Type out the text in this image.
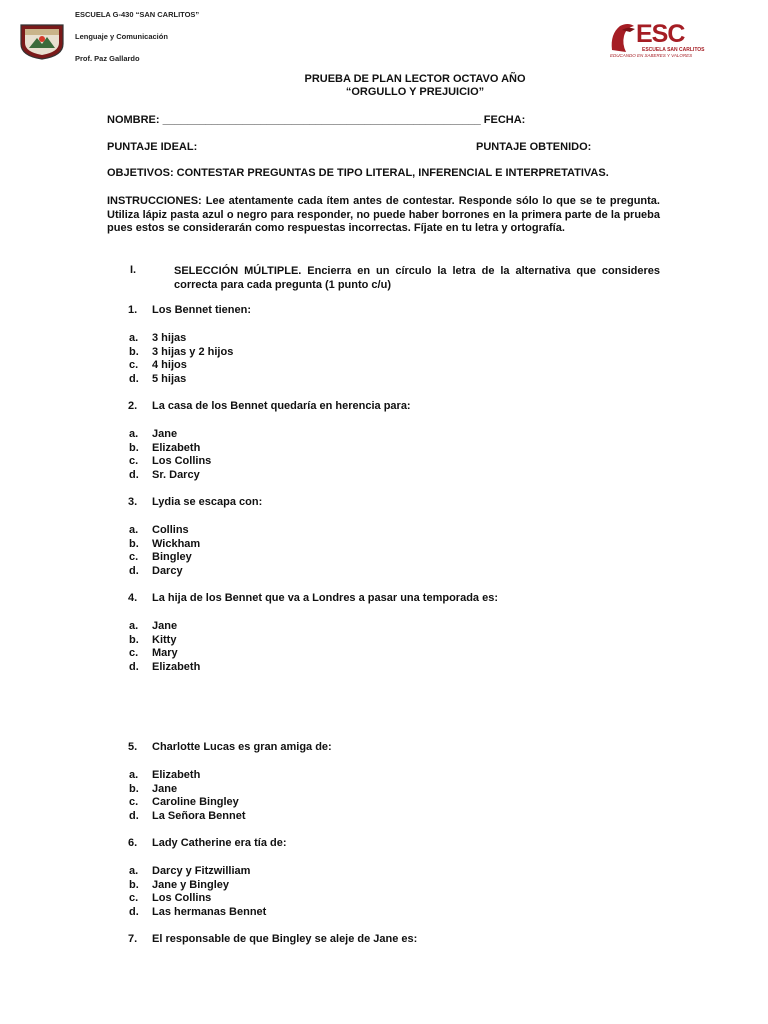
ESCUELA G-430 “SAN CARLITOS”
Lenguaje y Comunicación
Prof. Paz Gallardo
ESC
ESCUELA SAN CARLITOS
EDUCANDO EN SABERES Y VALORES
PRUEBA DE PLAN LECTOR OCTAVO AÑO
“ORGULLO Y PREJUICIO”
NOMBRE: ____________________________________________________ FECHA:
PUNTAJE IDEAL:	PUNTAJE OBTENIDO:
OBJETIVOS: CONTESTAR PREGUNTAS DE TIPO LITERAL, INFERENCIAL E INTERPRETATIVAS.
INSTRUCCIONES: Lee atentamente cada ítem antes de contestar. Responde sólo lo que se te pregunta. Utiliza lápiz pasta azul o negro para responder, no puede haber borrones en la primera parte de la prueba pues estos se considerarán como respuestas incorrectas. Fíjate en tu letra y ortografía.
I.	SELECCIÓN MÚLTIPLE. Encierra en un círculo la letra de la alternativa que consideres correcta para cada pregunta (1 punto c/u)
1. Los Bennet tienen:
a. 3 hijas
b. 3 hijas y 2 hijos
c. 4 hijos
d. 5 hijas
2. La casa de los Bennet quedaría en herencia para:
a. Jane
b. Elizabeth
c. Los Collins
d. Sr. Darcy
3. Lydia se escapa con:
a. Collins
b. Wickham
c. Bingley
d. Darcy
4. La hija de los Bennet que va a Londres a pasar una temporada es:
a. Jane
b. Kitty
c. Mary
d. Elizabeth
5. Charlotte Lucas es gran amiga de:
a. Elizabeth
b. Jane
c. Caroline Bingley
d. La Señora Bennet
6. Lady Catherine era tía de:
a. Darcy y Fitzwilliam
b. Jane y Bingley
c. Los Collins
d. Las hermanas Bennet
7. El responsable de que Bingley se aleje de Jane es:
